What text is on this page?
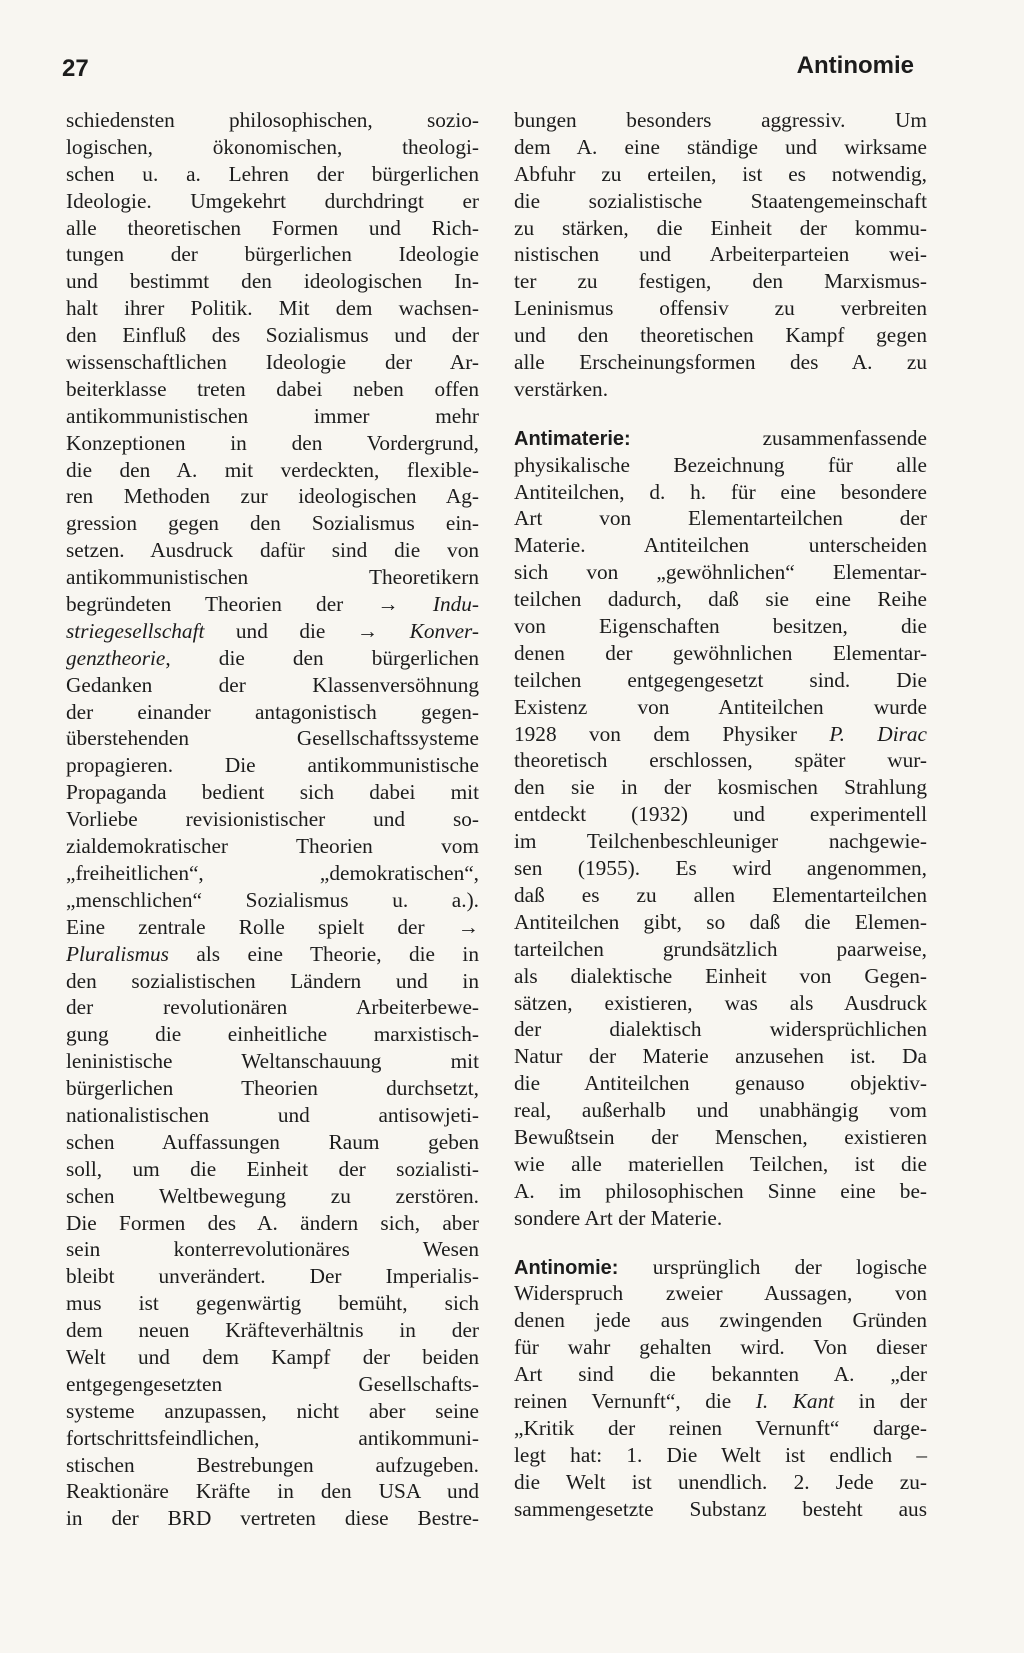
27	Antinomie
schiedensten philosophischen, sozio-
logischen, ökonomischen, theologi-
schen u. a. Lehren der bürgerlichen
Ideologie. Umgekehrt durchdringt er
alle theoretischen Formen und Rich-
tungen der bürgerlichen Ideologie
und bestimmt den ideologischen In-
halt ihrer Politik. Mit dem wachsen-
den Einfluß des Sozialismus und der
wissenschaftlichen Ideologie der Ar-
beiterklasse treten dabei neben offen
antikommunistischen immer mehr
Konzeptionen in den Vordergrund,
die den A. mit verdeckten, flexible-
ren Methoden zur ideologischen Ag-
gression gegen den Sozialismus ein-
setzen. Ausdruck dafür sind die von
antikommunistischen Theoretikern
begründeten Theorien der → Indu-
striegesellschaft und die → Konver-
genztheorie, die den bürgerlichen
Gedanken der Klassenversöhnung
der einander antagonistisch gegen-
überstehenden Gesellschaftssysteme
propagieren. Die antikommunistische
Propaganda bedient sich dabei mit
Vorliebe revisionistischer und so-
zialdemokratischer Theorien vom
„freiheitlichen“, „demokratischen“,
„menschlichen“ Sozialismus u. a.).
Eine zentrale Rolle spielt der →
Pluralismus als eine Theorie, die in
den sozialistischen Ländern und in
der revolutionären Arbeiterbewe-
gung die einheitliche marxistisch-
leninistische Weltanschauung mit
bürgerlichen Theorien durchsetzt,
nationalistischen und antisowjeti-
schen Auffassungen Raum geben
soll, um die Einheit der sozialisti-
schen Weltbewegung zu zerstören.
Die Formen des A. ändern sich, aber
sein konterrevolutionäres Wesen
bleibt unverändert. Der Imperialis-
mus ist gegenwärtig bemüht, sich
dem neuen Kräfteverhältnis in der
Welt und dem Kampf der beiden
entgegengesetzten Gesellschafts-
systeme anzupassen, nicht aber seine
fortschrittsfeindlichen, antikommuni-
stischen Bestrebungen aufzugeben.
Reaktionäre Kräfte in den USA und
in der BRD vertreten diese Bestre-
bungen besonders aggressiv. Um
dem A. eine ständige und wirksame
Abfuhr zu erteilen, ist es notwendig,
die sozialistische Staatengemeinschaft
zu stärken, die Einheit der kommu-
nistischen und Arbeiterparteien wei-
ter zu festigen, den Marxismus-
Leninismus offensiv zu verbreiten
und den theoretischen Kampf gegen
alle Erscheinungsformen des A. zu
verstärken.
Antimaterie:	zusammenfassende
physikalische Bezeichnung für alle
Antiteilchen, d. h. für eine besondere
Art von Elementarteilchen der
Materie. Antiteilchen unterscheiden
sich von „gewöhnlichen“ Elementar-
teilchen dadurch, daß sie eine Reihe
von Eigenschaften besitzen, die
denen der gewöhnlichen Elementar-
teilchen entgegengesetzt sind. Die
Existenz von Antiteilchen wurde
1928 von dem Physiker P. Dirac
theoretisch erschlossen, später wur-
den sie in der kosmischen Strahlung
entdeckt (1932) und experimentell
im Teilchenbeschleuniger nachgewie-
sen (1955). Es wird angenommen,
daß es zu allen Elementarteilchen
Antiteilchen gibt, so daß die Elemen-
tarteilchen grundsätzlich paarweise,
als dialektische Einheit von Gegen-
sätzen, existieren, was als Ausdruck
der dialektisch widersprüchlichen
Natur der Materie anzusehen ist. Da
die Antiteilchen genauso objektiv-
real, außerhalb und unabhängig vom
Bewußtsein der Menschen, existieren
wie alle materiellen Teilchen, ist die
A. im philosophischen Sinne eine be-
sondere Art der Materie.
Antinomie: ursprünglich der logische
Widerspruch zweier Aussagen, von
denen jede aus zwingenden Gründen
für wahr gehalten wird. Von dieser
Art sind die bekannten A. „der
reinen Vernunft“, die I. Kant in der
„Kritik der reinen Vernunft“ darge-
legt hat: 1. Die Welt ist endlich –
die Welt ist unendlich. 2. Jede zu-
sammengesetzte Substanz besteht aus
